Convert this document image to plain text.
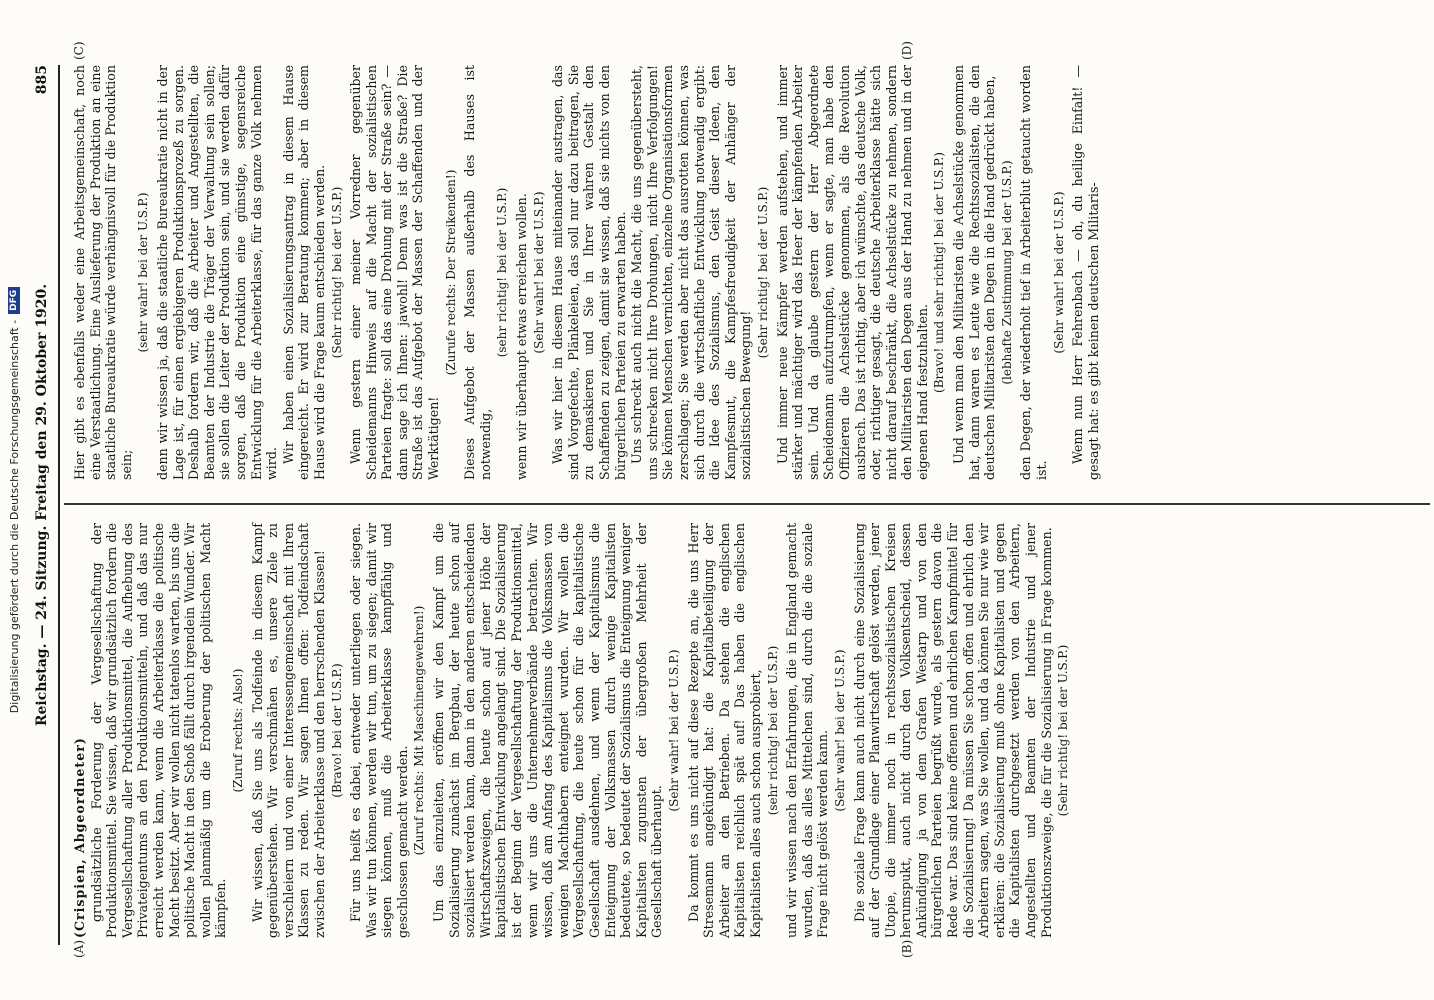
Reichstag. — 24. Sitzung. Freitag den 29. Oktober 1920.
885
(A)	(B)
(C)	(D)

(Crispien, Abgeordneter) grundsätzliche Forderung der Vergesellschaftung der Produktionsmittel. Sie wissen, daß wir grundsätzlich fordern die Vergesellschaftung aller Produktionsmittel, die Aufhebung des Privateigentums an den Produktionsmitteln, und daß das nur erreicht werden kann, wenn die Arbeiterklasse die politische Macht besitzt. Aber wir wollen nicht tatenlos warten, bis uns die politische Macht in den Schoß fällt durch irgendein Wunder. Wir wollen planmäßig um die Eroberung der politischen Macht kämpfen.

(Zuruf rechts: Also!) Wir wissen, daß Sie uns als Todfeinde in diesem Kampf gegenüberstehen. Wir verschmähen es, unsere Ziele zu verschleiern und von einer Interessengemeinschaft mit Ihren Klassen zu reden. Wir sagen Ihnen offen: Todfeindschaft zwischen der Arbeiterklasse und den herrschenden Klassen! (Bravo! bei der U.S.P.) Für uns heißt es dabei, entweder unterliegen oder siegen. Was wir tun können, werden wir tun, um zu siegen; damit wir siegen können, muß die Arbeiterklasse kampffähig und geschlossen gemacht werden. (Zuruf rechts: Mit Maschinengewehren!) Um das einzuleiten, eröffnen wir den Kampf um die Sozialisierung zunächst im Bergbau, der heute schon auf sozialisiert werden kann, dann in den anderen entscheidenden Wirtschaftszweigen, die heute schon auf jener Höhe der kapitalistischen Entwicklung angelangt sind. Die Sozialisierung ist der Beginn der Vergesellschaftung der Produktionsmittel, wenn wir uns die Unternehmerverbände betrachten. Wir wissen, daß am Anfang des Kapitalismus die Volksmassen von wenigen Machthabern enteignet wurden. Wir wollen die Vergesellschaftung, die heute schon für die kapitalistische Gesellschaft ausdehnen, und wenn der Kapitalismus die Enteignung der Volksmassen durch wenige Kapitalisten bedeutete, so bedeutet der Sozialismus die Enteignung weniger Kapitalisten zugunsten der übergroßen Mehrheit der Gesellschaft überhaupt.

(Sehr wahr! bei der U.S.P.) Da kommt es uns nicht auf diese Rezepte an, die uns Herr Stresemann angekündigt hat: die Kapitalbeteiligung der Arbeiter an den Betrieben. Da stehen die englischen Kapitalisten reichlich spät auf! Das haben die englischen Kapitalisten alles auch schon ausprobiert, (sehr richtig! bei der U.S.P.) und wir wissen nach den Erfahrungen, die in England gemacht wurden, daß das alles Mittelchen sind, durch die die soziale Frage nicht gelöst werden kann. (Sehr wahr! bei der U.S.P.) Die soziale Frage kann auch nicht durch eine Sozialisierung auf der Grundlage einer Planwirtschaft gelöst werden, jener Utopie, die immer noch in rechtssozialistischen Kreisen herumspukt, auch nicht durch den Volksentscheid, dessen Ankündigung ja von dem Grafen Westarp und von den bürgerlichen Parteien begrüßt wurde, als gestern davon die Rede war. Das sind keine offenen und ehrlichen Kampfmittel für die Sozialisierung! Da müssen Sie schon offen und ehrlich den Arbeitern sagen, was Sie wollen, und da können Sie nur wie wir erklären: die Sozialisierung muß ohne Kapitalisten und gegen die Kapitalisten durchgesetzt werden von den Arbeitern, Angestellten und Beamten der Industrie und jener Produktionszweige, die für die Sozialisierung in Frage kommen. (Sehr richtig! bei der U.S.P.)

Hier gibt es ebenfalls weder eine Arbeitsgemeinschaft, noch eine Verstaatlichung. Eine Auslieferung der Produktion an eine staatliche Bureaukratie würde verhängnisvoll für die Produktion sein;

(sehr wahr! bei der U.S.P.) denn wir wissen ja, daß die staatliche Bureaukratie nicht in der Lage ist, für einen ergiebigeren Produktionsprozeß zu sorgen. Deshalb fordern wir, daß die Arbeiter und Angestellten, die Beamten der Industrie die Träger der Verwaltung sein sollen; sie sollen die Leiter der Produktion sein, und sie werden dafür sorgen, daß die Produktion eine günstige, segensreiche Entwicklung für die Arbeiterklasse, für das ganze Volk nehmen wird. Wir haben einen Sozialisierungsantrag in diesem Hause eingereicht. Er wird zur Beratung kommen; aber in diesem Hause wird die Frage kaum entschieden werden. (Sehr richtig! bei der U.S.P.) Wenn gestern einer meiner Vorredner gegenüber Scheidemanns Hinweis auf die Macht der sozialistischen Parteien fragte: soll das eine Drohung mit der Straße sein? — dann sage ich Ihnen: jawohl! Denn was ist die Straße? Die Straße ist das Aufgebot der Massen der Schaffenden und der Werktätigen!

(Zurufe rechts: Der Streikenden!) Dieses Aufgebot der Massen außerhalb des Hauses ist notwendig,

(sehr richtig! bei der U.S.P.) wenn wir überhaupt etwas erreichen wollen. (Sehr wahr! bei der U.S.P.) Was wir hier in diesem Hause miteinander austragen, das sind Vorgefechte, Plänkeleien, das soll nur dazu beitragen, Sie zu demaskieren und Sie in Ihrer wahren Gestalt den Schaffenden zu zeigen, damit sie wissen, daß sie nichts von den bürgerlichen Parteien zu erwarten haben. Uns schreckt auch nicht die Macht, die uns gegenübersteht, uns schrecken nicht Ihre Drohungen, nicht Ihre Verfolgungen! Sie können Menschen vernichten, einzelne Organisationsformen zerschlagen; Sie werden aber nicht das ausrotten können, was sich durch die wirtschaftliche Entwicklung notwendig ergibt: die Idee des Sozialismus, den Geist dieser Ideen, den Kampfesmut, die Kampfesfreudigkeit der Anhänger der sozialistischen Bewegung!

(Sehr richtig! bei der U.S.P.) Und immer neue Kämpfer werden aufstehen, und immer stärker und mächtiger wird das Heer der kämpfenden Arbeiter sein. Und da glaube gestern der Herr Abgeordnete Scheidemann aufzutrumpfen, wenn er sagte, man habe den Offizieren die Achselstücke genommen, als die Revolution ausbrach. Das ist richtig, aber ich wünschte, das deutsche Volk, oder, richtiger gesagt, die deutsche Arbeiterklasse hätte sich nicht darauf beschränkt, die Achselstücke zu nehmen, sondern den Militaristen den Degen aus der Hand zu nehmen und in der eigenen Hand festzuhalten. (Bravo! und sehr richtig! bei der U.S.P.) Und wenn man den Militaristen die Achselstücke genommen hat, dann waren es Leute wie die Rechtssozialisten, die den deutschen Militaristen den Degen in die Hand gedrückt haben, (lebhafte Zustimmung bei der U.S.P.) den Degen, der wiederholt tief in Arbeiterblut getaucht worden ist.

(Sehr wahr! bei der U.S.P.) Wenn nun Herr Fehrenbach — oh, du heilige Einfalt! — gesagt hat: es gibt keinen deutschen Militaris-

Digitalisierung gefördert durch die Deutsche Forschungsgemeinschaft -
DFG
